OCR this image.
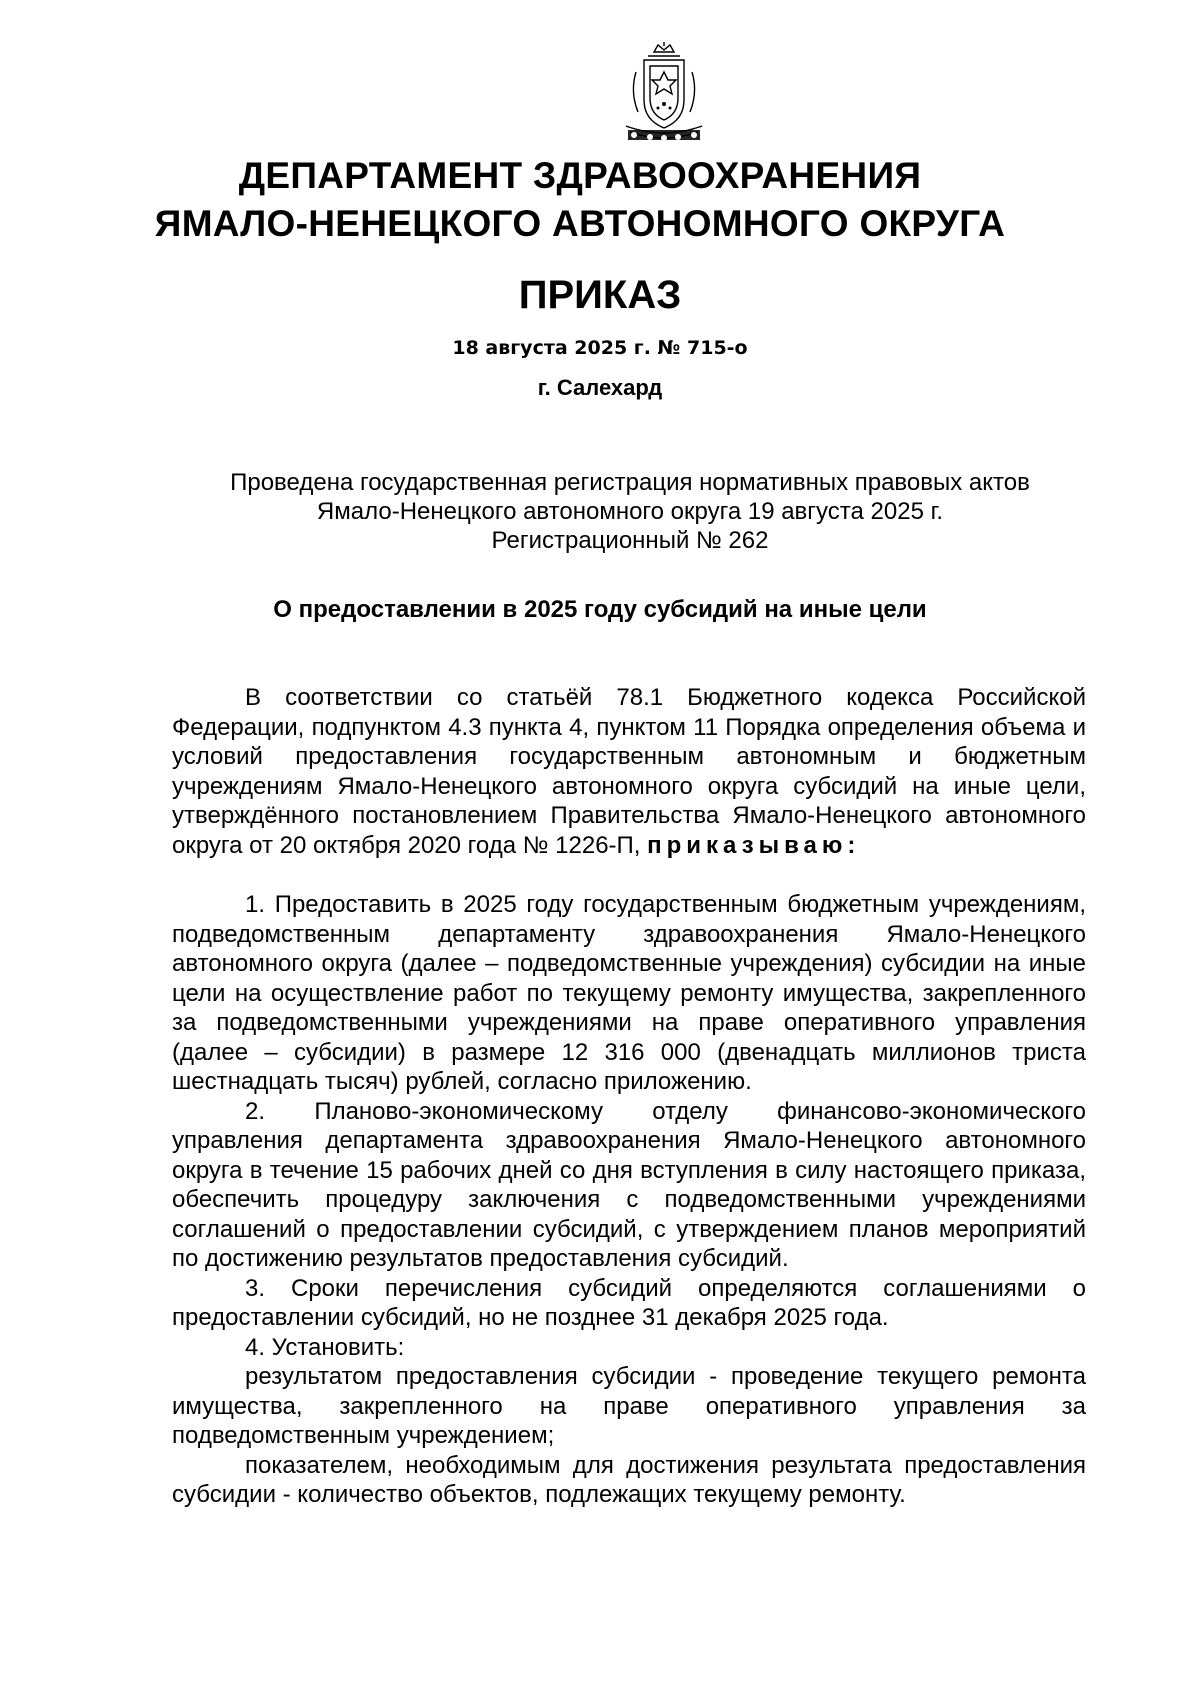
ДЕПАРТАМЕНТ ЗДРАВООХРАНЕНИЯ
ЯМАЛО-НЕНЕЦКОГО АВТОНОМНОГО ОКРУГА
ПРИКАЗ
18 августа 2025 г. № 715-о
г. Салехард
Проведена государственная регистрация нормативных правовых актов
Ямало-Ненецкого автономного округа 19 августа 2025 г.
Регистрационный № 262
О предоставлении в 2025 году субсидий на иные цели

В соответствии со статьёй 78.1 Бюджетного кодекса Российской Федерации, подпунктом 4.3 пункта 4, пунктом 11 Порядка определения объема и условий предоставления государственным автономным и бюджетным учреждениям Ямало-Ненецкого автономного округа субсидий на иные цели, утверждённого постановлением Правительства Ямало-Ненецкого автономного округа от 20 октября 2020 года № 1226-П, приказываю:

1. Предоставить в 2025 году государственным бюджетным учреждениям, подведомственным департаменту здравоохранения Ямало-Ненецкого автономного округа (далее – подведомственные учреждения) субсидии на иные цели на осуществление работ по текущему ремонту имущества, закрепленного за подведомственными учреждениями на праве оперативного управления (далее – субсидии) в размере 12 316 000 (двенадцать миллионов триста шестнадцать тысяч) рублей, согласно приложению.

2. Планово-экономическому отделу финансово-экономического управления департамента здравоохранения Ямало-Ненецкого автономного округа в течение 15 рабочих дней со дня вступления в силу настоящего приказа, обеспечить процедуру заключения с подведомственными учреждениями соглашений о предоставлении субсидий, с утверждением планов мероприятий по достижению результатов предоставления субсидий.

3. Сроки перечисления субсидий определяются соглашениями о предоставлении субсидий, но не позднее 31 декабря 2025 года.

4. Установить:

результатом предоставления субсидии - проведение текущего ремонта имущества, закрепленного на праве оперативного управления за подведомственным учреждением;

показателем, необходимым для достижения результата предоставления субсидии - количество объектов, подлежащих текущему ремонту.
